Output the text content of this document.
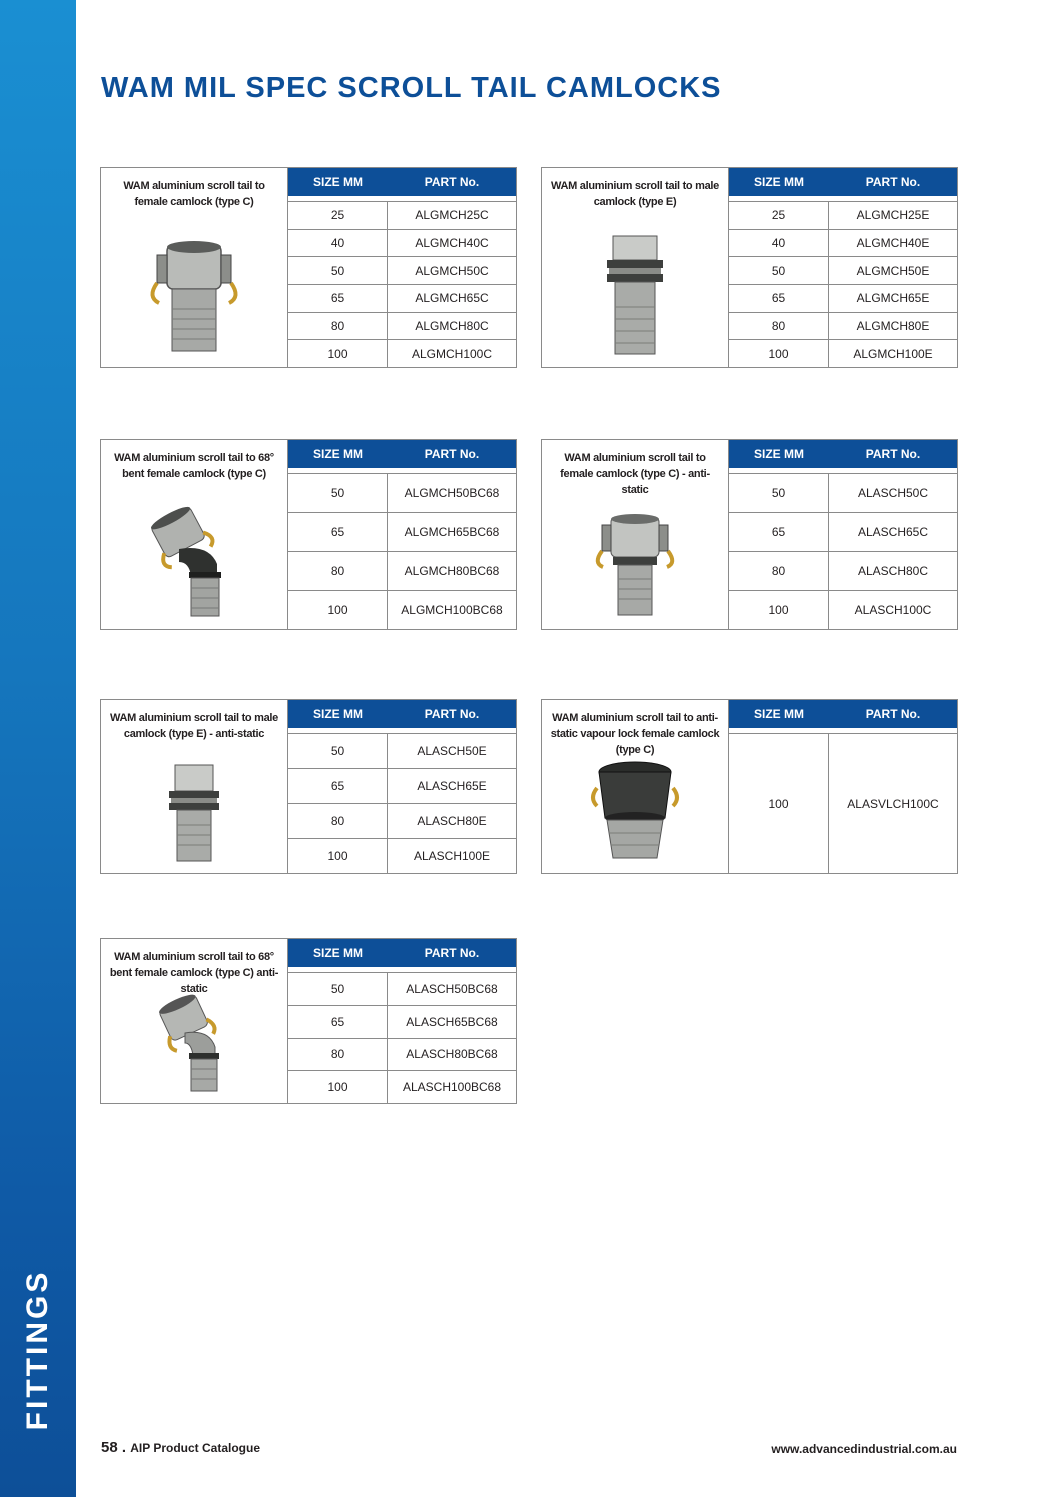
FITTINGS
WAM MIL SPEC SCROLL TAIL CAMLOCKS
WAM aluminium scroll tail to female camlock (type C)
SIZE MM	PART No.
25	ALGMCH25C
40	ALGMCH40C
50	ALGMCH50C
65	ALGMCH65C
80	ALGMCH80C
100	ALGMCH100C
WAM aluminium scroll tail to male camlock (type E)
SIZE MM	PART No.
25	ALGMCH25E
40	ALGMCH40E
50	ALGMCH50E
65	ALGMCH65E
80	ALGMCH80E
100	ALGMCH100E
WAM aluminium scroll tail to 68° bent female camlock (type C)
SIZE MM	PART No.
50	ALGMCH50BC68
65	ALGMCH65BC68
80	ALGMCH80BC68
100	ALGMCH100BC68
WAM aluminium scroll tail to female camlock (type C) - anti-static
SIZE MM	PART No.
50	ALASCH50C
65	ALASCH65C
80	ALASCH80C
100	ALASCH100C
WAM aluminium scroll tail to male camlock (type E) - anti-static
SIZE MM	PART No.
50	ALASCH50E
65	ALASCH65E
80	ALASCH80E
100	ALASCH100E
WAM aluminium scroll tail to anti-static vapour lock female camlock (type C)
SIZE MM	PART No.
100	ALASVLCH100C
WAM aluminium scroll tail to 68° bent female camlock (type C) anti-static
SIZE MM	PART No.
50	ALASCH50BC68
65	ALASCH65BC68
80	ALASCH80BC68
100	ALASCH100BC68
58 . AIP Product Catalogue	www.advancedindustrial.com.au
